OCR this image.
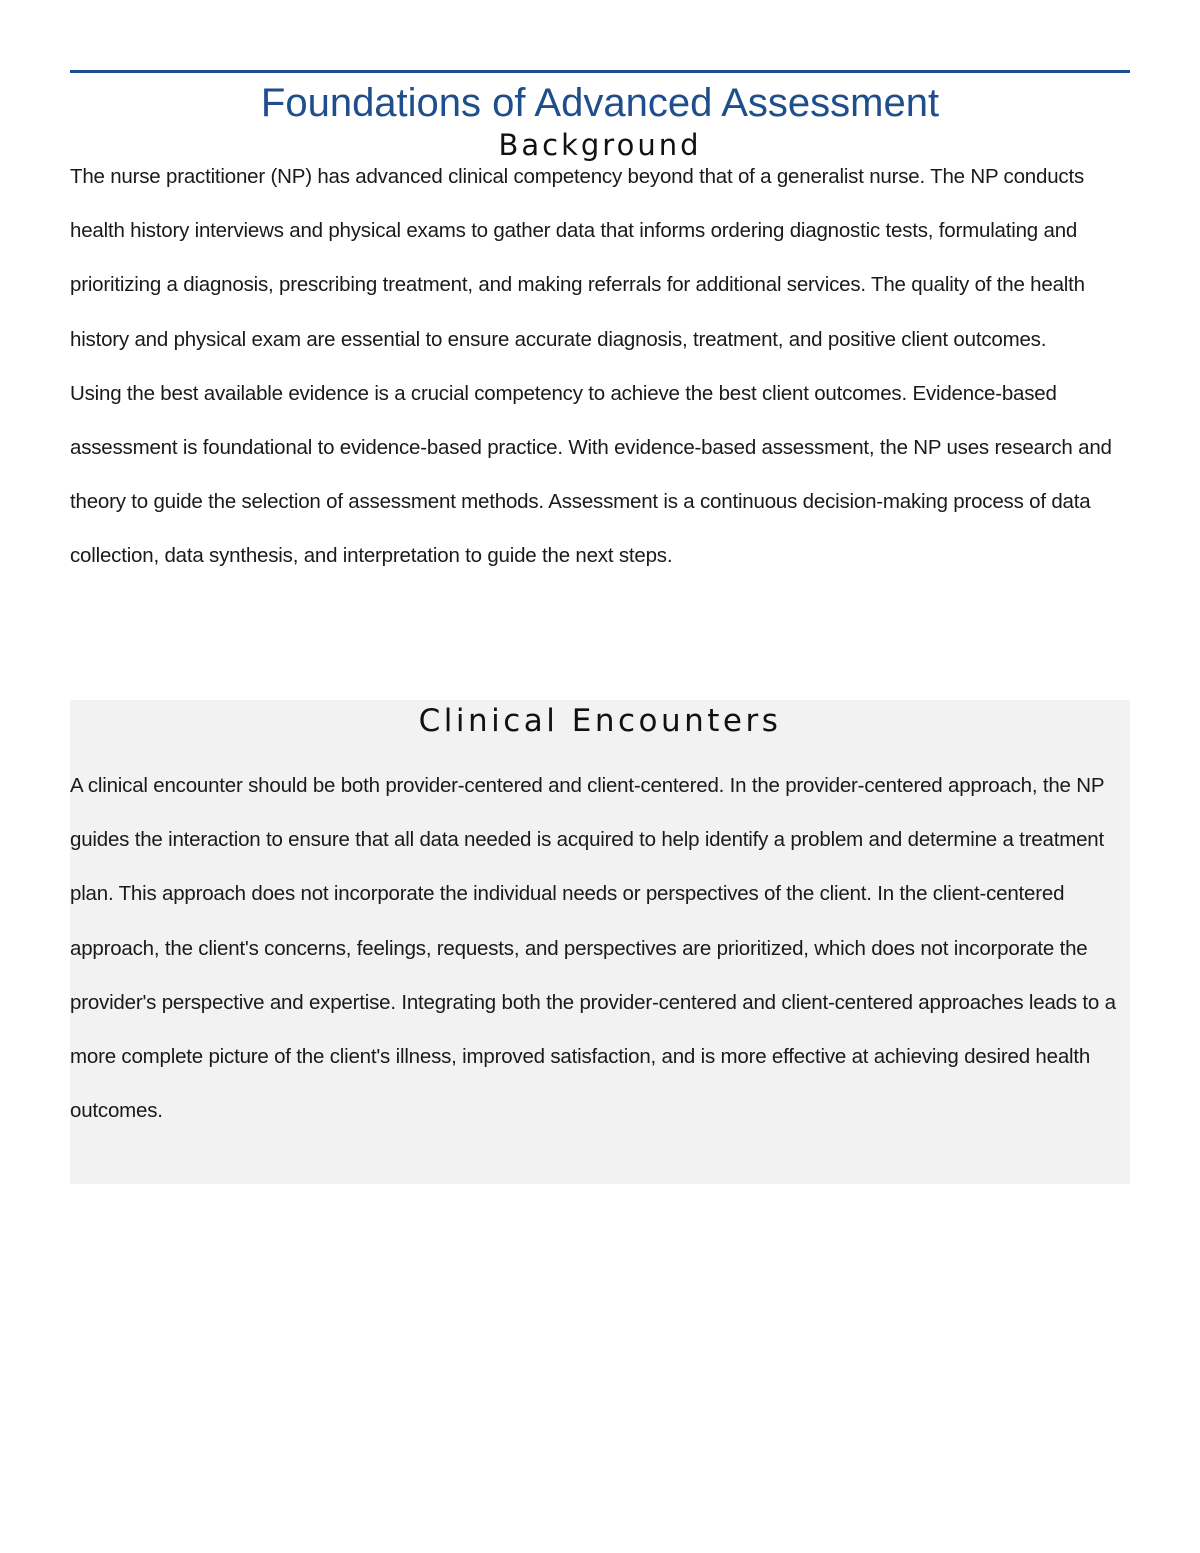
Foundations of Advanced Assessment
Background

The nurse practitioner (NP) has advanced clinical competency beyond that of a generalist nurse. The NP conducts health history interviews and physical exams to gather data that informs ordering diagnostic tests, formulating and prioritizing a diagnosis, prescribing treatment, and making referrals for additional services. The quality of the health history and physical exam are essential to ensure accurate diagnosis, treatment, and positive client outcomes.

Using the best available evidence is a crucial competency to achieve the best client outcomes. Evidence-based assessment is foundational to evidence-based practice. With evidence-based assessment, the NP uses research and theory to guide the selection of assessment methods. Assessment is a continuous decision-making process of data collection, data synthesis, and interpretation to guide the next steps.

Clinical Encounters

A clinical encounter should be both provider-centered and client-centered. In the provider-centered approach, the NP guides the interaction to ensure that all data needed is acquired to help identify a problem and determine a treatment plan. This approach does not incorporate the individual needs or perspectives of the client. In the client-centered approach, the client's concerns, feelings, requests, and perspectives are prioritized, which does not incorporate the provider's perspective and expertise. Integrating both the provider-centered and client-centered approaches leads to a more complete picture of the client's illness, improved satisfaction, and is more effective at achieving desired health outcomes.
